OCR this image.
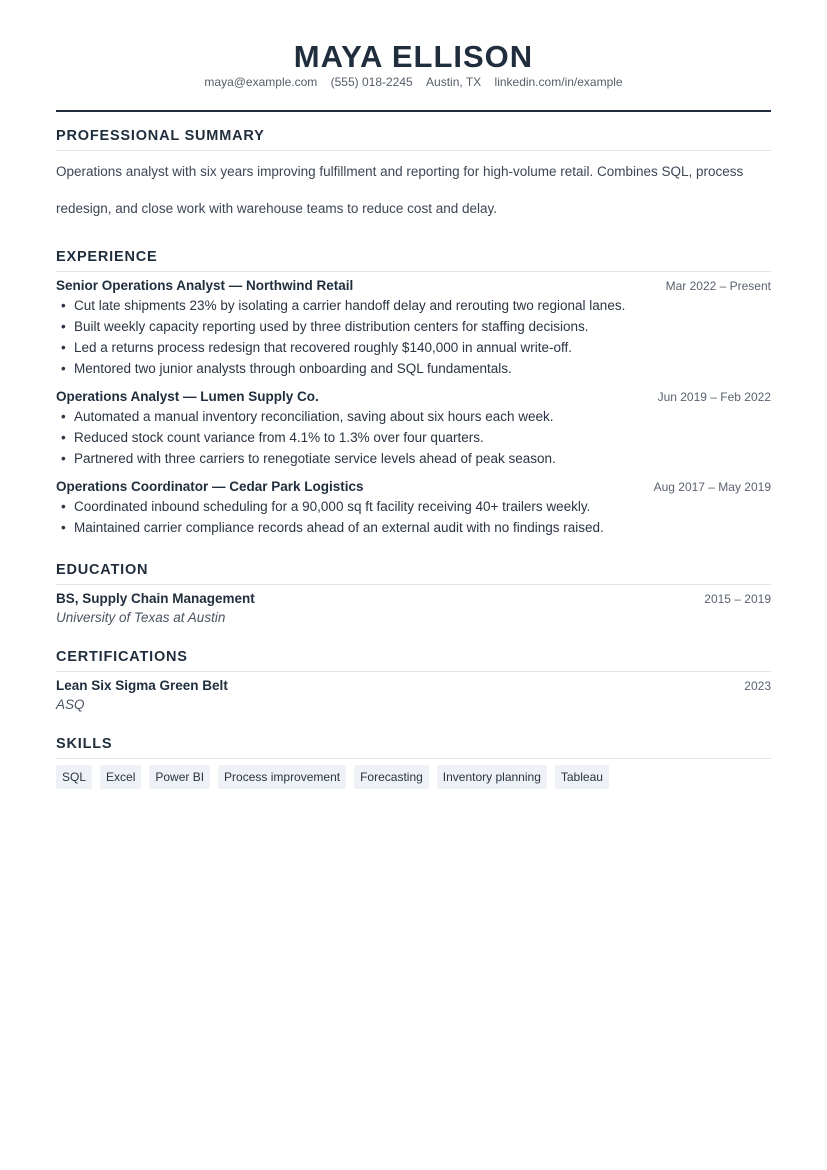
MAYA ELLISON
maya@example.com (555) 018-2245 Austin, TX linkedin.com/in/example
PROFESSIONAL SUMMARY

Operations analyst with six years improving fulfillment and reporting for high-volume retail. Combines SQL, process redesign, and close work with warehouse teams to reduce cost and delay.

EXPERIENCE
Senior Operations Analyst — Northwind Retail	Mar 2022 – Present
• Cut late shipments 23% by isolating a carrier handoff delay and rerouting two regional lanes.
• Built weekly capacity reporting used by three distribution centers for staffing decisions.
• Led a returns process redesign that recovered roughly $140,000 in annual write-off.
• Mentored two junior analysts through onboarding and SQL fundamentals.
Operations Analyst — Lumen Supply Co.	Jun 2019 – Feb 2022
• Automated a manual inventory reconciliation, saving about six hours each week.
• Reduced stock count variance from 4.1% to 1.3% over four quarters.
• Partnered with three carriers to renegotiate service levels ahead of peak season.
Operations Coordinator — Cedar Park Logistics	Aug 2017 – May 2019
• Coordinated inbound scheduling for a 90,000 sq ft facility receiving 40+ trailers weekly.
• Maintained carrier compliance records ahead of an external audit with no findings raised.
EDUCATION
BS, Supply Chain Management	2015 – 2019
University of Texas at Austin
CERTIFICATIONS
Lean Six Sigma Green Belt	2023
ASQ
SKILLS
SQL	Excel	Power BI	Process improvement	Forecasting	Inventory planning	Tableau
